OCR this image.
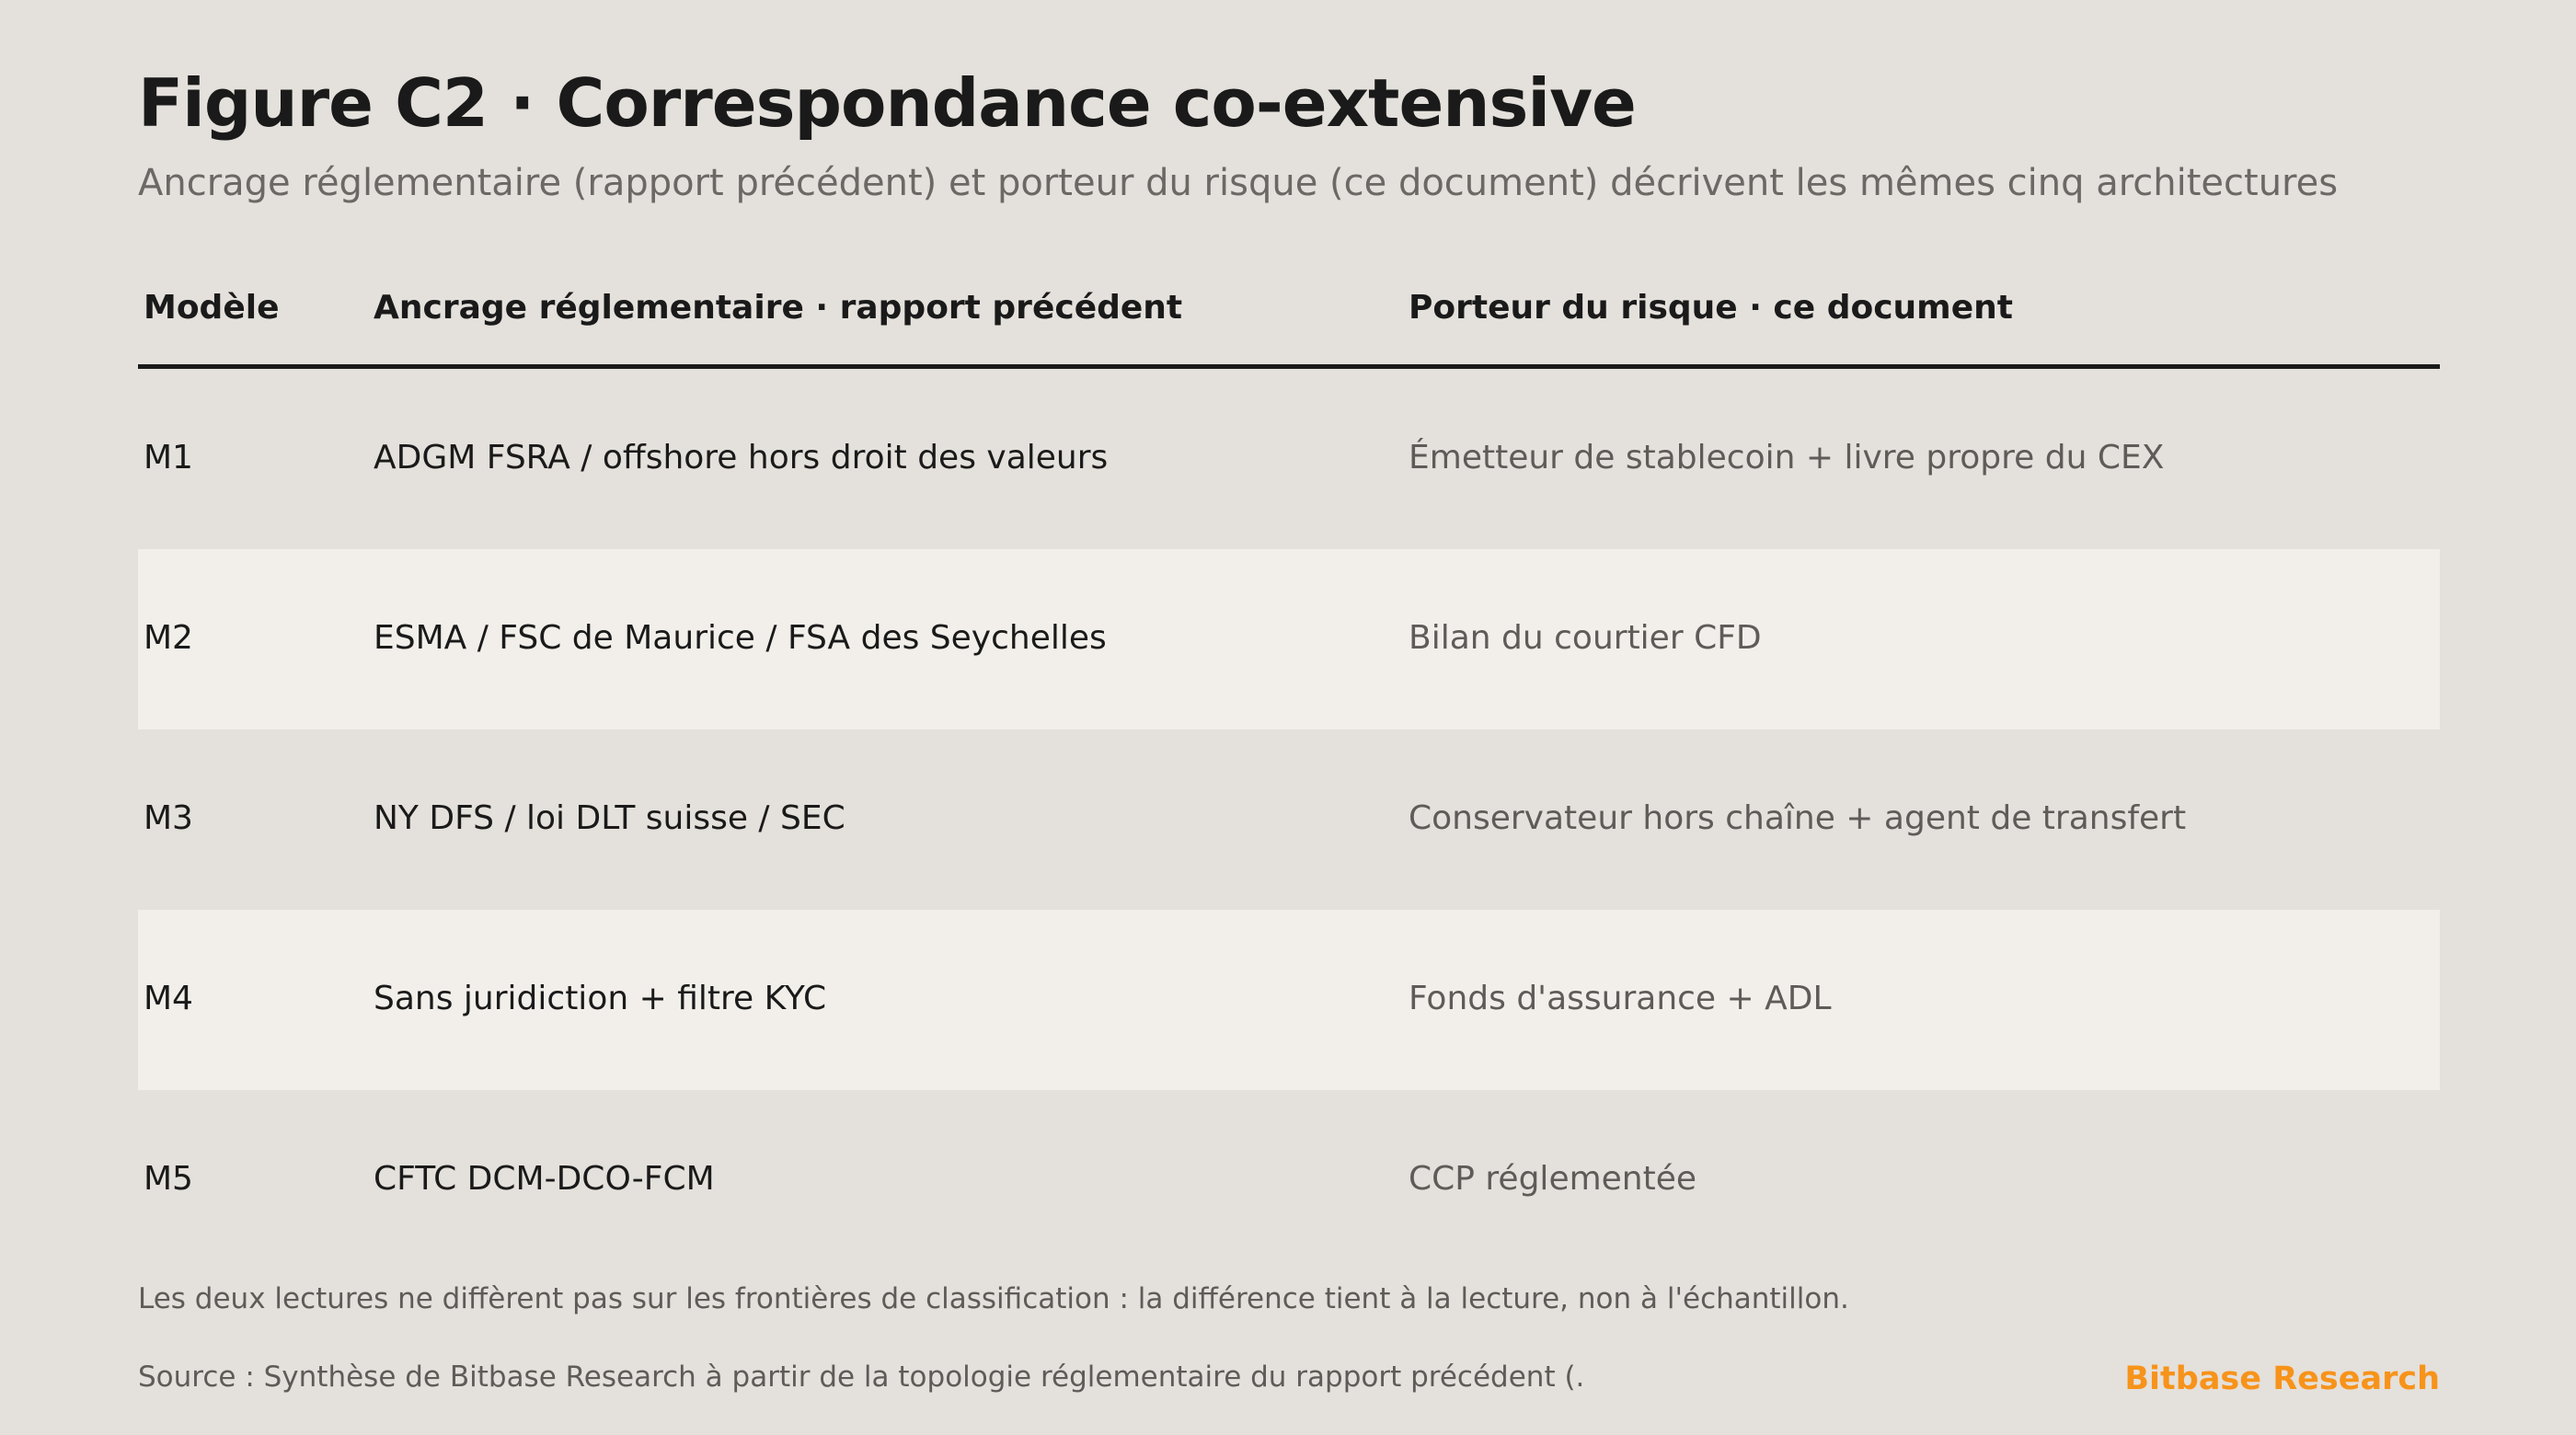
Figure C2 · Correspondance co-extensive
Ancrage réglementaire (rapport précédent) et porteur du risque (ce document) décrivent les mêmes cinq architectures
Modèle	Ancrage réglementaire · rapport précédent	Porteur du risque · ce document
M1	ADGM FSRA / offshore hors droit des valeurs	Émetteur de stablecoin + livre propre du CEX
M2	ESMA / FSC de Maurice / FSA des Seychelles	Bilan du courtier CFD
M3	NY DFS / loi DLT suisse / SEC	Conservateur hors chaîne + agent de transfert
M4	Sans juridiction + filtre KYC	Fonds d'assurance + ADL
M5	CFTC DCM-DCO-FCM	CCP réglementée
Les deux lectures ne diffèrent pas sur les frontières de classification : la différence tient à la lecture, non à l'échantillon.
Source : Synthèse de Bitbase Research à partir de la topologie réglementaire du rapport précédent (.	Bitbase Research
